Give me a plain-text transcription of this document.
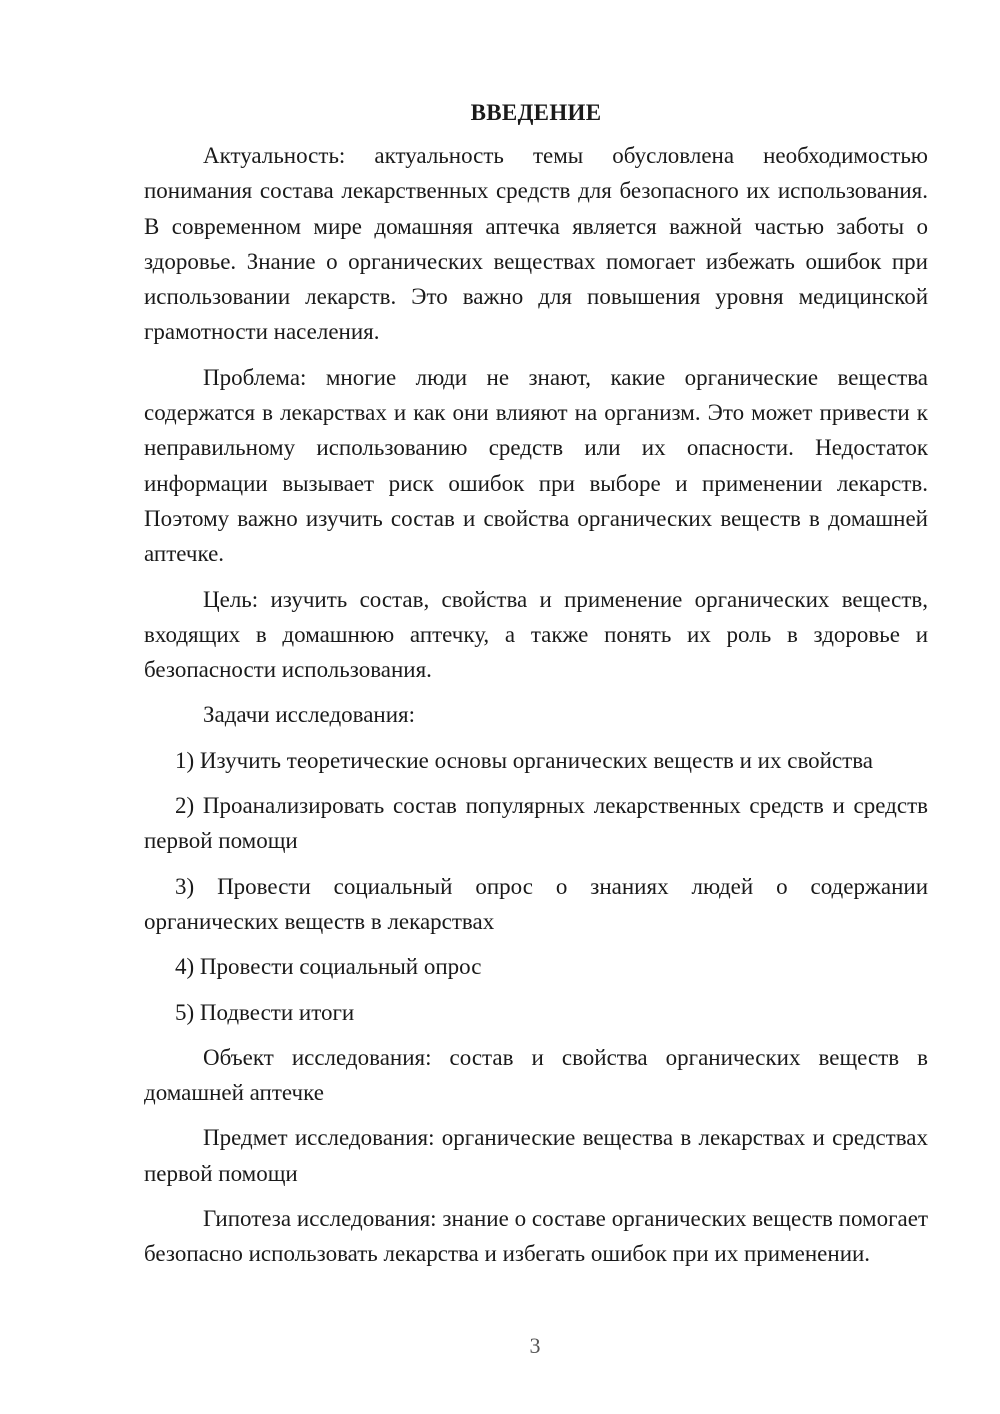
ВВЕДЕНИЕ

Актуальность: актуальность темы обусловлена необходимостью понимания состава лекарственных средств для безопасного их использования. В современном мире домашняя аптечка является важной частью заботы о здоровье. Знание о органических веществах помогает избежать ошибок при использовании лекарств. Это важно для повышения уровня медицинской грамотности населения.

Проблема: многие люди не знают, какие органические вещества содержатся в лекарствах и как они влияют на организм. Это может привести к неправильному использованию средств или их опасности. Недостаток информации вызывает риск ошибок при выборе и применении лекарств. Поэтому важно изучить состав и свойства органических веществ в домашней аптечке.

Цель: изучить состав, свойства и применение органических веществ, входящих в домашнюю аптечку, а также понять их роль в здоровье и безопасности использования.

Задачи исследования:

1) Изучить теоретические основы органических веществ и их свойства

2) Проанализировать состав популярных лекарственных средств и средств первой помощи

3) Провести социальный опрос о знаниях людей о содержании органических веществ в лекарствах

4) Провести социальный опрос

5) Подвести итоги

Объект исследования: состав и свойства органических веществ в домашней аптечке

Предмет исследования: органические вещества в лекарствах и средствах первой помощи

Гипотеза исследования: знание о составе органических веществ помогает безопасно использовать лекарства и избегать ошибок при их применении.

3
